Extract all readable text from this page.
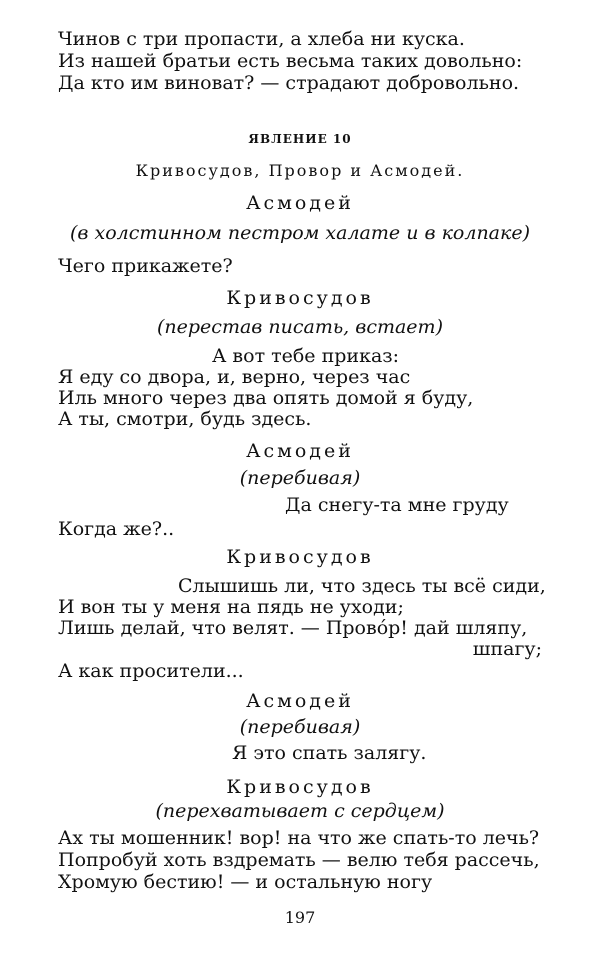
Чинов с три пропасти, а хлеба ни куска.
Из нашей братьи есть весьма таких довольно:
Да кто им виноват? — страдают добровольно.
ЯВЛЕНИЕ 10
Кривосудов, Провор и Асмодей.
Асмодей
(в холстинном пестром халате и в колпаке)
Чего прикажете?
Кривосудов
(перестав писать, встает)
А вот тебе приказ:
Я еду со двора, и, верно, через час
Иль много через два опять домой я буду,
А ты, смотри, будь здесь.
Асмодей
(перебивая)
Да снегу-та мне груду
Когда же?..
Кривосудов
Слышишь ли, что здесь ты всё сиди,
И вон ты у меня на пядь не уходи;
Лишь делай, что велят. — Провóр! дай шляпу,
шпагу;
А как просители...
Асмодей
(перебивая)
Я это спать залягу.
Кривосудов
(перехватывает с сердцем)
Ах ты мошенник! вор! на что же спать-то лечь?
Попробуй хоть вздремать — велю тебя рассечь,
Хромую бестию! — и остальную ногу
197
